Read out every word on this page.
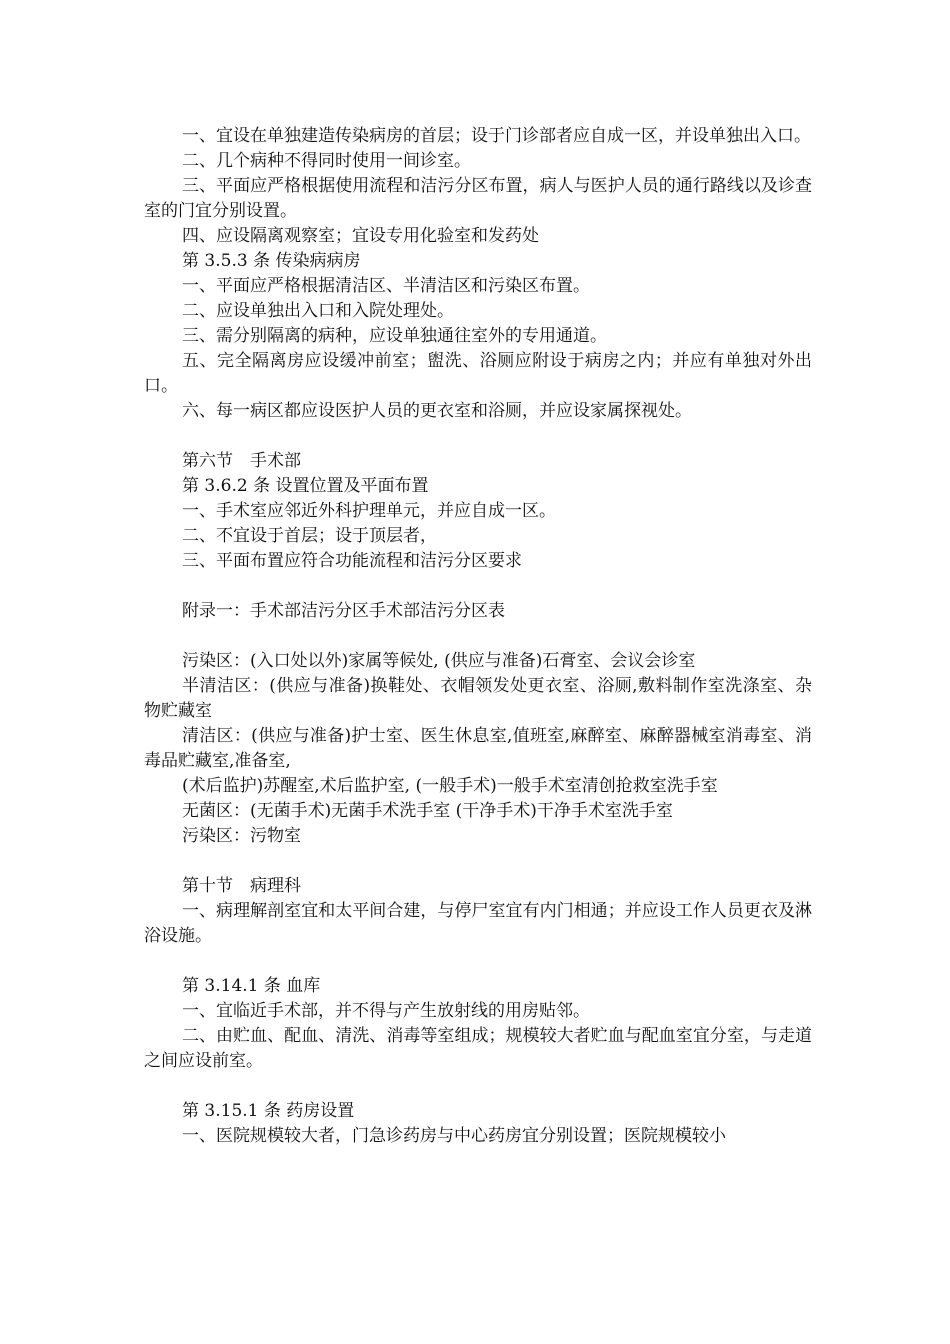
一、宜设在单独建造传染病房的首层；设于门诊部者应自成一区，并设单独出入口。

二、几个病种不得同时使用一间诊室。

三、平面应严格根据使用流程和洁污分区布置，病人与医护人员的通行路线以及诊查室的门宜分别设置。

四、应设隔离观察室；宜设专用化验室和发药处

第 3.5.3 条 传染病病房

一、平面应严格根据清洁区、半清洁区和污染区布置。

二、应设单独出入口和入院处理处。

三、需分别隔离的病种，应设单独通往室外的专用通道。

五、完全隔离房应设缓冲前室；盥洗、浴厕应附设于病房之内；并应有单独对外出口。

六、每一病区都应设医护人员的更衣室和浴厕，并应设家属探视处。

第六节　手术部

第 3.6.2 条 设置位置及平面布置

一、手术室应邻近外科护理单元，并应自成一区。

二、不宜设于首层；设于顶层者，

三、平面布置应符合功能流程和洁污分区要求

附录一：手术部洁污分区手术部洁污分区表

污染区：(入口处以外)家属等候处, (供应与准备)石膏室、会议会诊室

半清洁区：(供应与准备)换鞋处、衣帽领发处更衣室、浴厕,敷料制作室洗涤室、杂物贮藏室

清洁区：(供应与准备)护士室、医生休息室,值班室,麻醉室、麻醉器械室消毒室、消毒品贮藏室,准备室,

(术后监护)苏醒室,术后监护室, (一般手术)一般手术室清创抢救室洗手室

无菌区：(无菌手术)无菌手术洗手室 (干净手术)干净手术室洗手室

污染区：污物室

第十节　病理科

一、病理解剖室宜和太平间合建，与停尸室宜有内门相通；并应设工作人员更衣及淋浴设施。

第 3.14.1 条 血库

一、宜临近手术部，并不得与产生放射线的用房贴邻。

二、由贮血、配血、清洗、消毒等室组成；规模较大者贮血与配血室宜分室，与走道之间应设前室。

第 3.15.1 条 药房设置

一、医院规模较大者，门急诊药房与中心药房宜分别设置；医院规模较小
